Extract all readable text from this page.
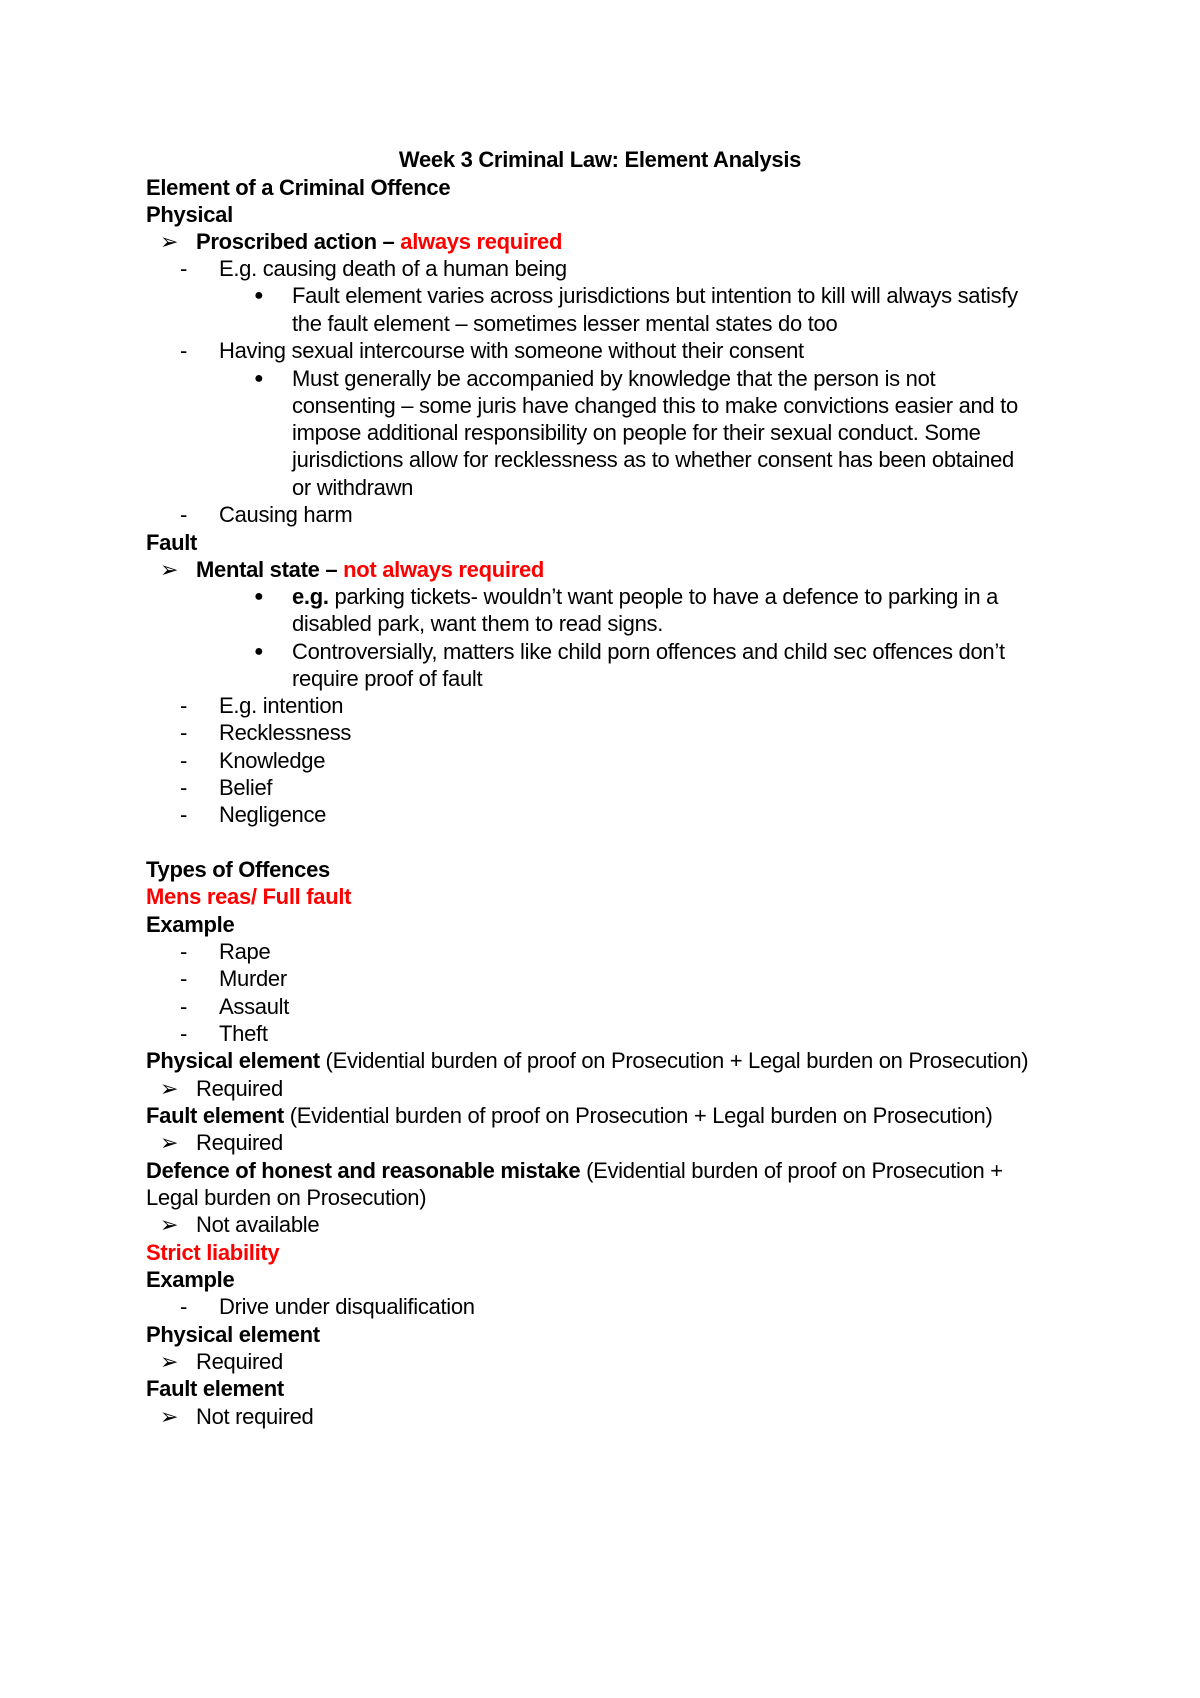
Week 3 Criminal Law: Element Analysis
Element of a Criminal Offence
Physical
➢ Proscribed action – always required
- E.g. causing death of a human being
● Fault element varies across jurisdictions but intention to kill will always satisfy
the fault element – sometimes lesser mental states do too
- Having sexual intercourse with someone without their consent
● Must generally be accompanied by knowledge that the person is not
consenting – some juris have changed this to make convictions easier and to
impose additional responsibility on people for their sexual conduct. Some
jurisdictions allow for recklessness as to whether consent has been obtained
or withdrawn
- Causing harm
Fault
➢ Mental state – not always required
● e.g. parking tickets- wouldn’t want people to have a defence to parking in a
disabled park, want them to read signs.
● Controversially, matters like child porn offences and child sec offences don’t
require proof of fault
- E.g. intention
- Recklessness
- Knowledge
- Belief
- Negligence
Types of Offences
Mens reas/ Full fault
Example
- Rape
- Murder
- Assault
- Theft
Physical element (Evidential burden of proof on Prosecution + Legal burden on Prosecution)
➢ Required
Fault element (Evidential burden of proof on Prosecution + Legal burden on Prosecution)
➢ Required
Defence of honest and reasonable mistake (Evidential burden of proof on Prosecution +
Legal burden on Prosecution)
➢ Not available
Strict liability
Example
- Drive under disqualification
Physical element
➢ Required
Fault element
➢ Not required
